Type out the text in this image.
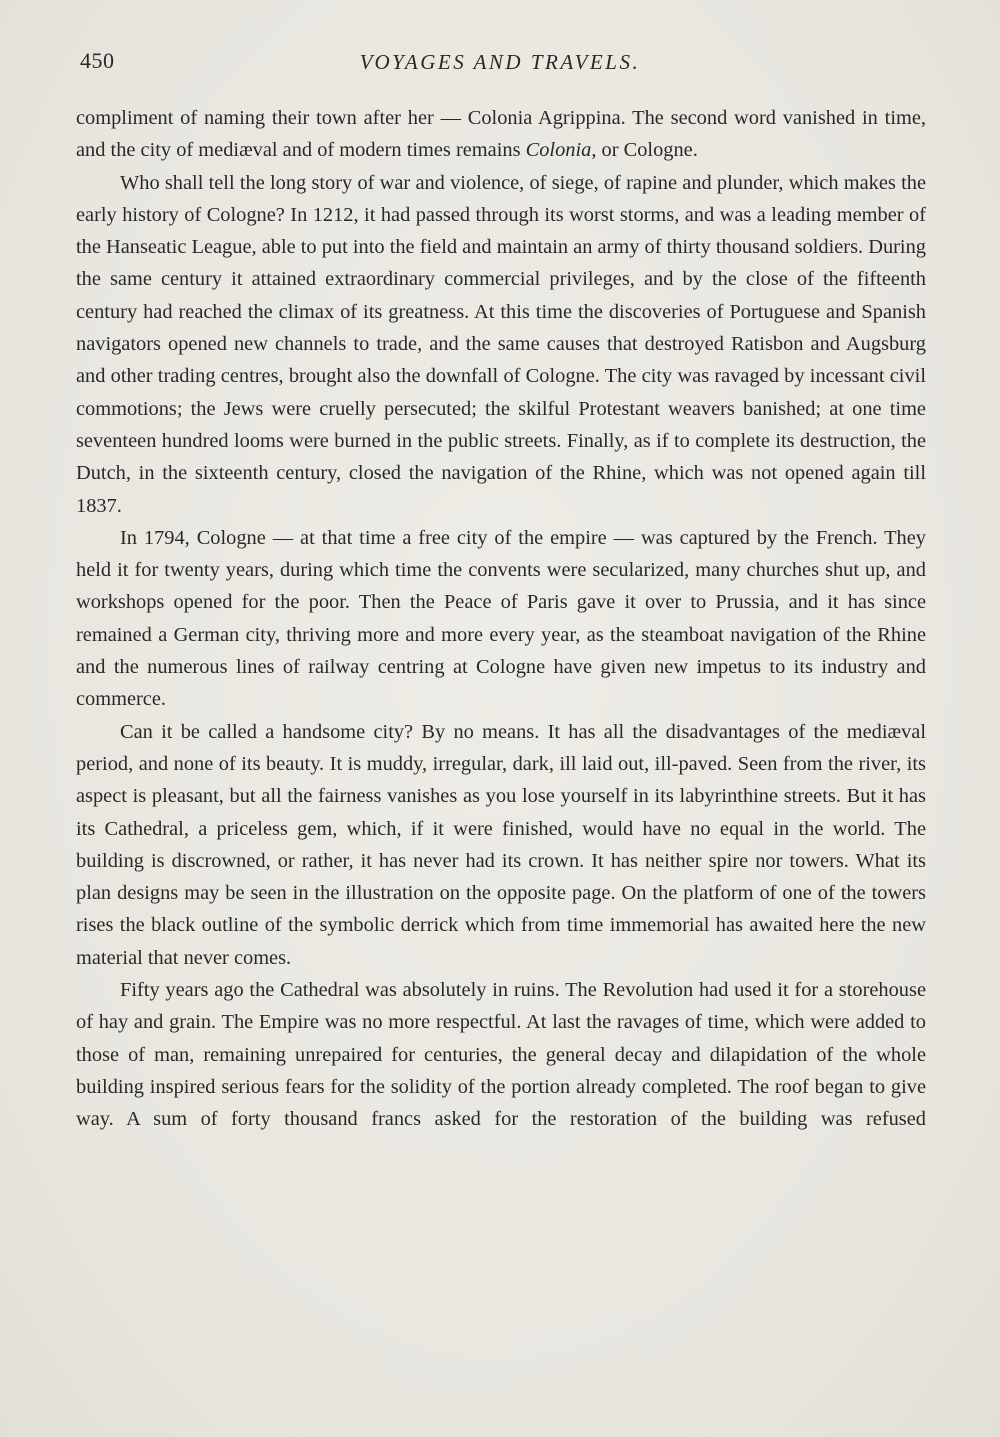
450	VOYAGES AND TRAVELS.

compliment of naming their town after her — Colonia Agrippina. The second word vanished in time, and the city of mediæval and of modern times remains Colonia, or Cologne.

Who shall tell the long story of war and violence, of siege, of rapine and plunder, which makes the early history of Cologne? In 1212, it had passed through its worst storms, and was a leading member of the Hanseatic League, able to put into the field and maintain an army of thirty thousand soldiers. During the same century it attained extraordinary commercial privileges, and by the close of the fifteenth century had reached the climax of its greatness. At this time the discoveries of Portuguese and Spanish navigators opened new channels to trade, and the same causes that destroyed Ratisbon and Augsburg and other trading centres, brought also the downfall of Cologne. The city was ravaged by incessant civil commotions; the Jews were cruelly persecuted; the skilful Protestant weavers banished; at one time seventeen hundred looms were burned in the public streets. Finally, as if to complete its destruction, the Dutch, in the sixteenth century, closed the navigation of the Rhine, which was not opened again till 1837.

In 1794, Cologne — at that time a free city of the empire — was captured by the French. They held it for twenty years, during which time the convents were secularized, many churches shut up, and workshops opened for the poor. Then the Peace of Paris gave it over to Prussia, and it has since remained a German city, thriving more and more every year, as the steamboat navigation of the Rhine and the numerous lines of railway centring at Cologne have given new impetus to its industry and commerce.

Can it be called a handsome city? By no means. It has all the disadvantages of the mediæval period, and none of its beauty. It is muddy, irregular, dark, ill laid out, ill-paved. Seen from the river, its aspect is pleasant, but all the fairness vanishes as you lose yourself in its labyrinthine streets. But it has its Cathedral, a priceless gem, which, if it were finished, would have no equal in the world. The building is discrowned, or rather, it has never had its crown. It has neither spire nor towers. What its plan designs may be seen in the illustration on the opposite page. On the platform of one of the towers rises the black outline of the symbolic derrick which from time immemorial has awaited here the new material that never comes.

Fifty years ago the Cathedral was absolutely in ruins. The Revolution had used it for a storehouse of hay and grain. The Empire was no more respectful. At last the ravages of time, which were added to those of man, remaining unrepaired for centuries, the general decay and dilapidation of the whole building inspired serious fears for the solidity of the portion already completed. The roof began to give way. A sum of forty thousand francs asked for the restoration of the building was refused
